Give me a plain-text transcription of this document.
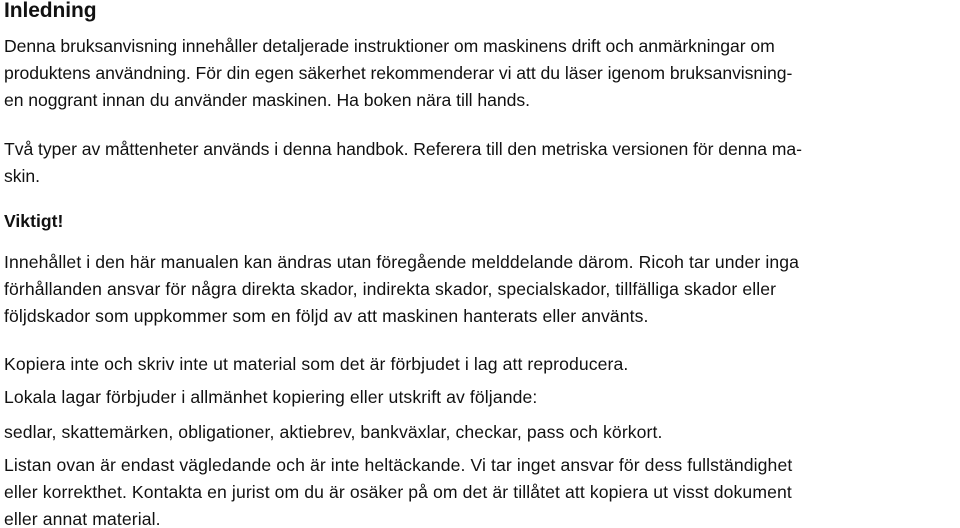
Inledning

Denna bruksanvisning innehåller detaljerade instruktioner om maskinens drift och anmärkningar om
produktens användning. För din egen säkerhet rekommenderar vi att du läser igenom bruksanvisning-
en noggrant innan du använder maskinen. Ha boken nära till hands.

Två typer av måttenheter används i denna handbok. Referera till den metriska versionen för denna ma-
skin.

Viktigt!

Innehållet i den här manualen kan ändras utan föregående melddelande därom. Ricoh tar under inga
förhållanden ansvar för några direkta skador, indirekta skador, specialskador, tillfälliga skador eller
följdskador som uppkommer som en följd av att maskinen hanterats eller använts.

Kopiera inte och skriv inte ut material som det är förbjudet i lag att reproducera.

Lokala lagar förbjuder i allmänhet kopiering eller utskrift av följande:

sedlar, skattemärken, obligationer, aktiebrev, bankväxlar, checkar, pass och körkort.

Listan ovan är endast vägledande och är inte heltäckande. Vi tar inget ansvar för dess fullständighet
eller korrekthet. Kontakta en jurist om du är osäker på om det är tillåtet att kopiera ut visst dokument
eller annat material.
